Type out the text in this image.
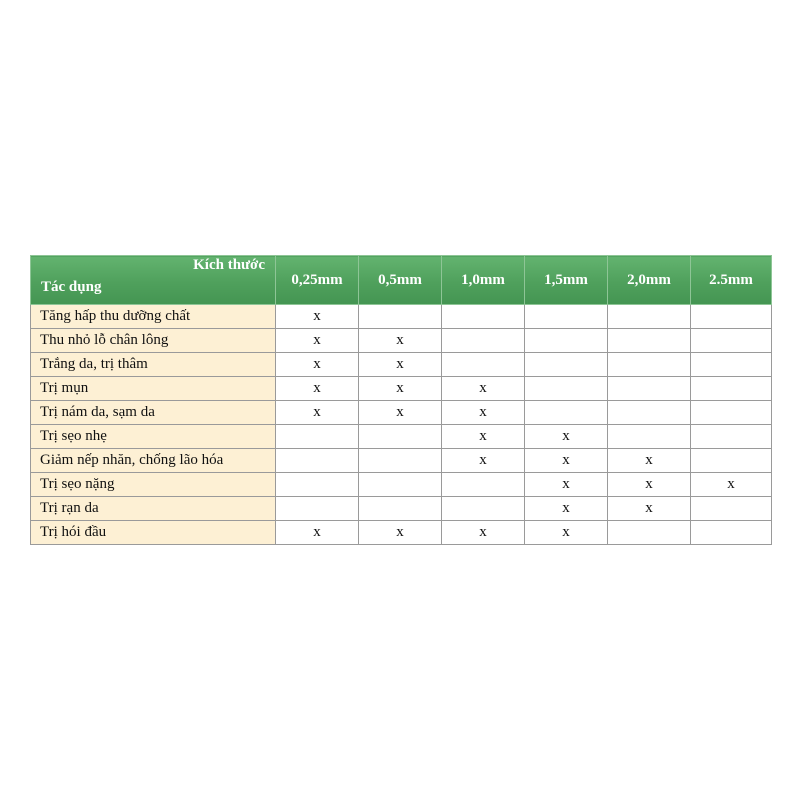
Kích thước
Tác dụng	0,25mm	0,5mm	1,0mm	1,5mm	2,0mm	2.5mm
Tăng hấp thu dưỡng chất	x					
Thu nhỏ lỗ chân lông	x	x				
Trắng da, trị thâm	x	x				
Trị mụn	x	x	x			
Trị nám da, sạm da	x	x	x			
Trị sẹo nhẹ			x	x		
Giảm nếp nhăn, chống lão hóa			x	x	x	
Trị sẹo nặng				x	x	x
Trị rạn da				x	x	
Trị hói đầu	x	x	x	x		
